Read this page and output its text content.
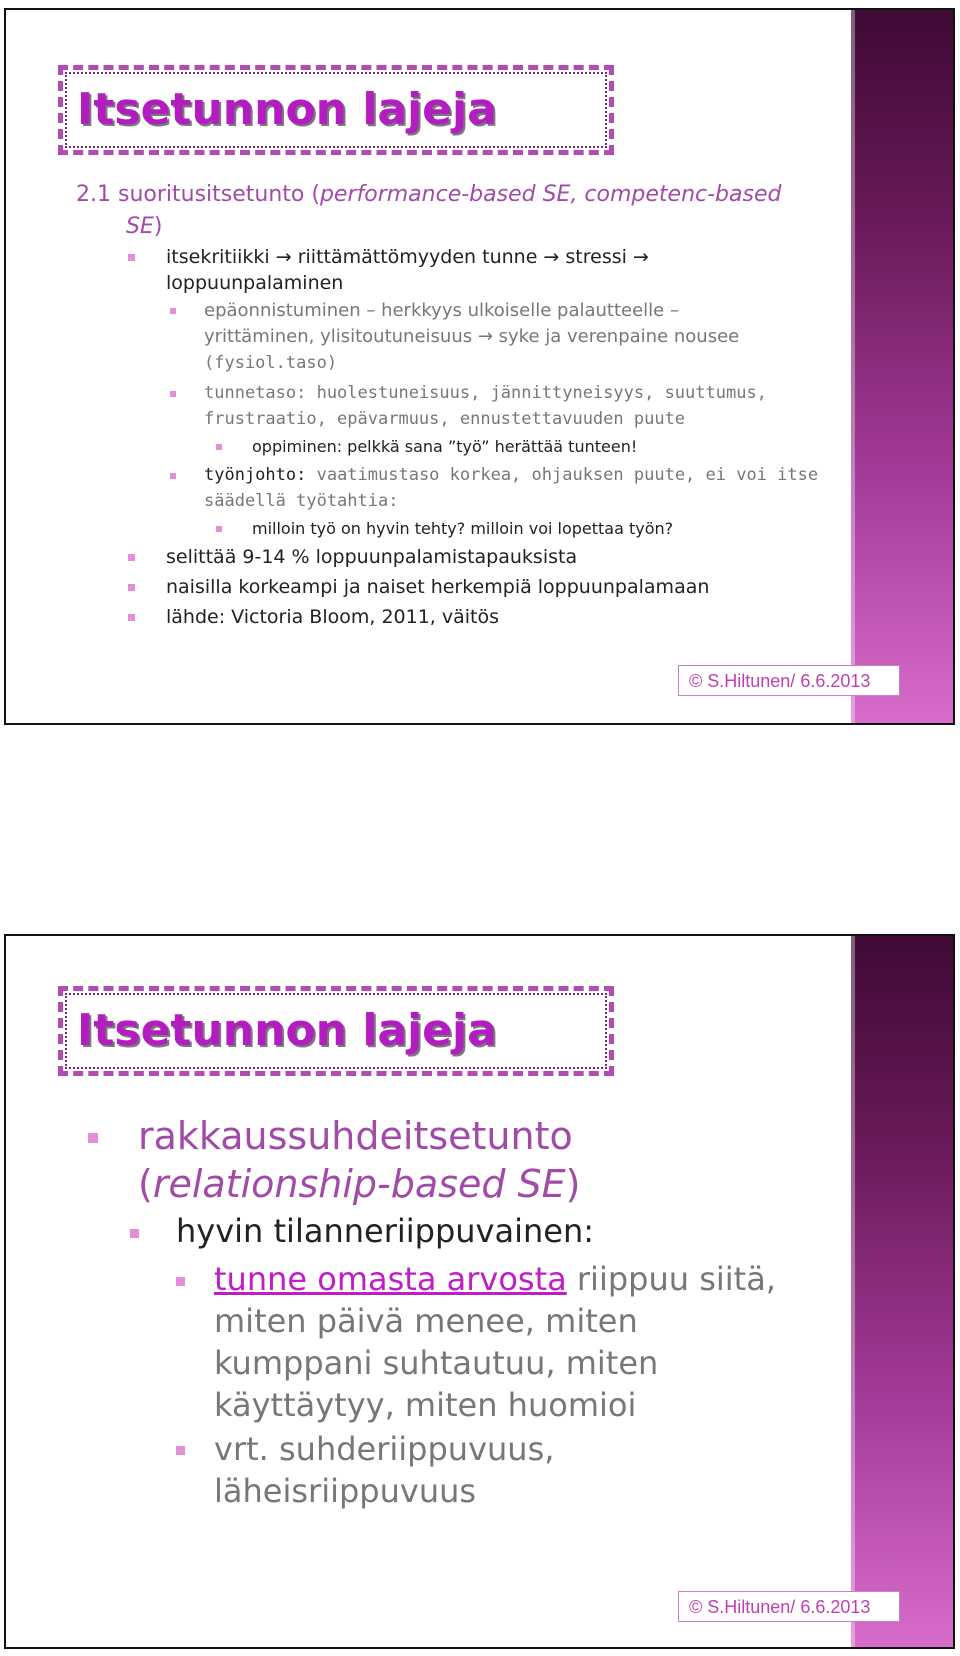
Itsetunnon lajeja
2.1 suoritusitsetunto (performance-based SE, competenc-based
SE)
itsekritiikki → riittämättömyyden tunne → stressi →
loppuunpalaminen
epäonnistuminen – herkkyys ulkoiselle palautteelle –
yrittäminen, ylisitoutuneisuus → syke ja verenpaine nousee
(fysiol.taso)
tunnetaso: huolestuneisuus, jännittyneisyys, suuttumus,
frustraatio, epävarmuus, ennustettavuuden puute
oppiminen: pelkkä sana ”työ” herättää tunteen!
työnjohto: vaatimustaso korkea, ohjauksen puute, ei voi itse
säädellä työtahtia:
milloin työ on hyvin tehty? milloin voi lopettaa työn?
selittää 9-14 % loppuunpalamistapauksista
naisilla korkeampi ja naiset herkempiä loppuunpalamaan
lähde: Victoria Bloom, 2011, väitös
© S.Hiltunen/ 6.6.2013
Itsetunnon lajeja
rakkaussuhdeitsetunto
(relationship-based SE)
hyvin tilanneriippuvainen:
tunne omasta arvosta riippuu siitä,
miten päivä menee, miten
kumppani suhtautuu, miten
käyttäytyy, miten huomioi
vrt. suhderiippuvuus,
läheisriippuvuus
© S.Hiltunen/ 6.6.2013
